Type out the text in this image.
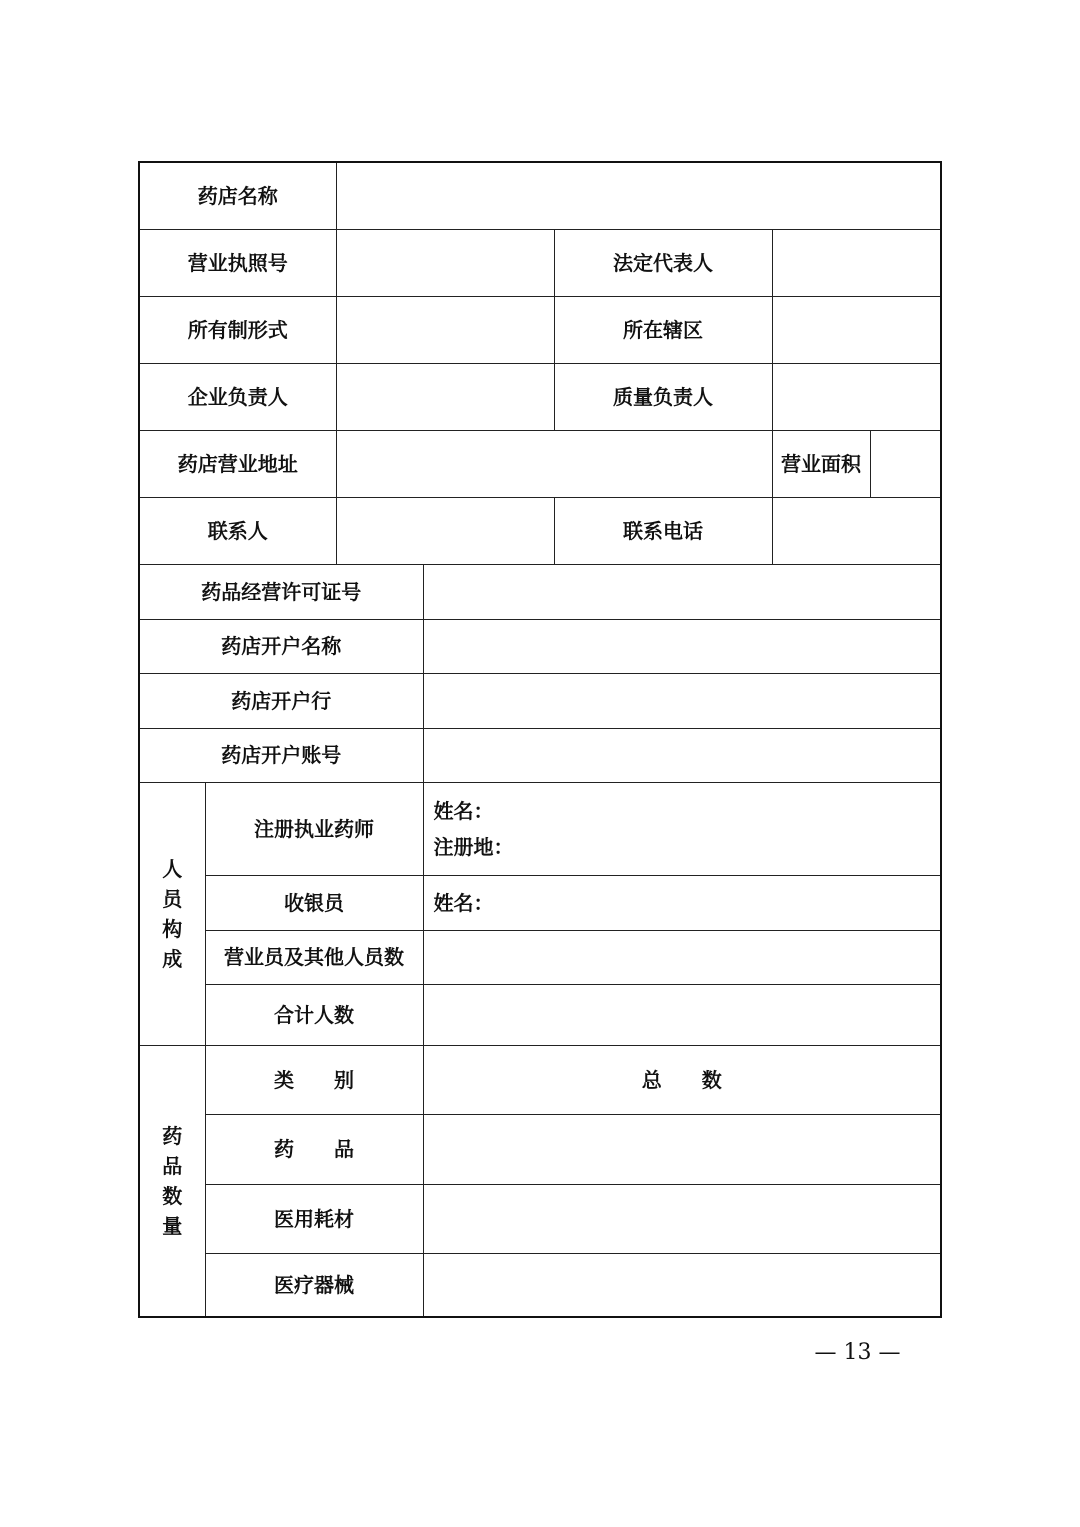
药店名称						
营业执照号				法定代表人		
所有制形式				所在辖区		
企业负责人				质量负责人		
药店营业地址					营业面积	
联系人				联系电话		
药品经营许可证号						
药店开户名称						
药店开户行						
药店开户账号						

人员构成	注册执业药师		姓名：
注册地：			

	收银员		姓名：			
	营业员及其他人员数					
	合计人数					

药品数量	类　　别		总　　数			
	药　　品					
	医用耗材					
	医疗器械					
— 13 —
